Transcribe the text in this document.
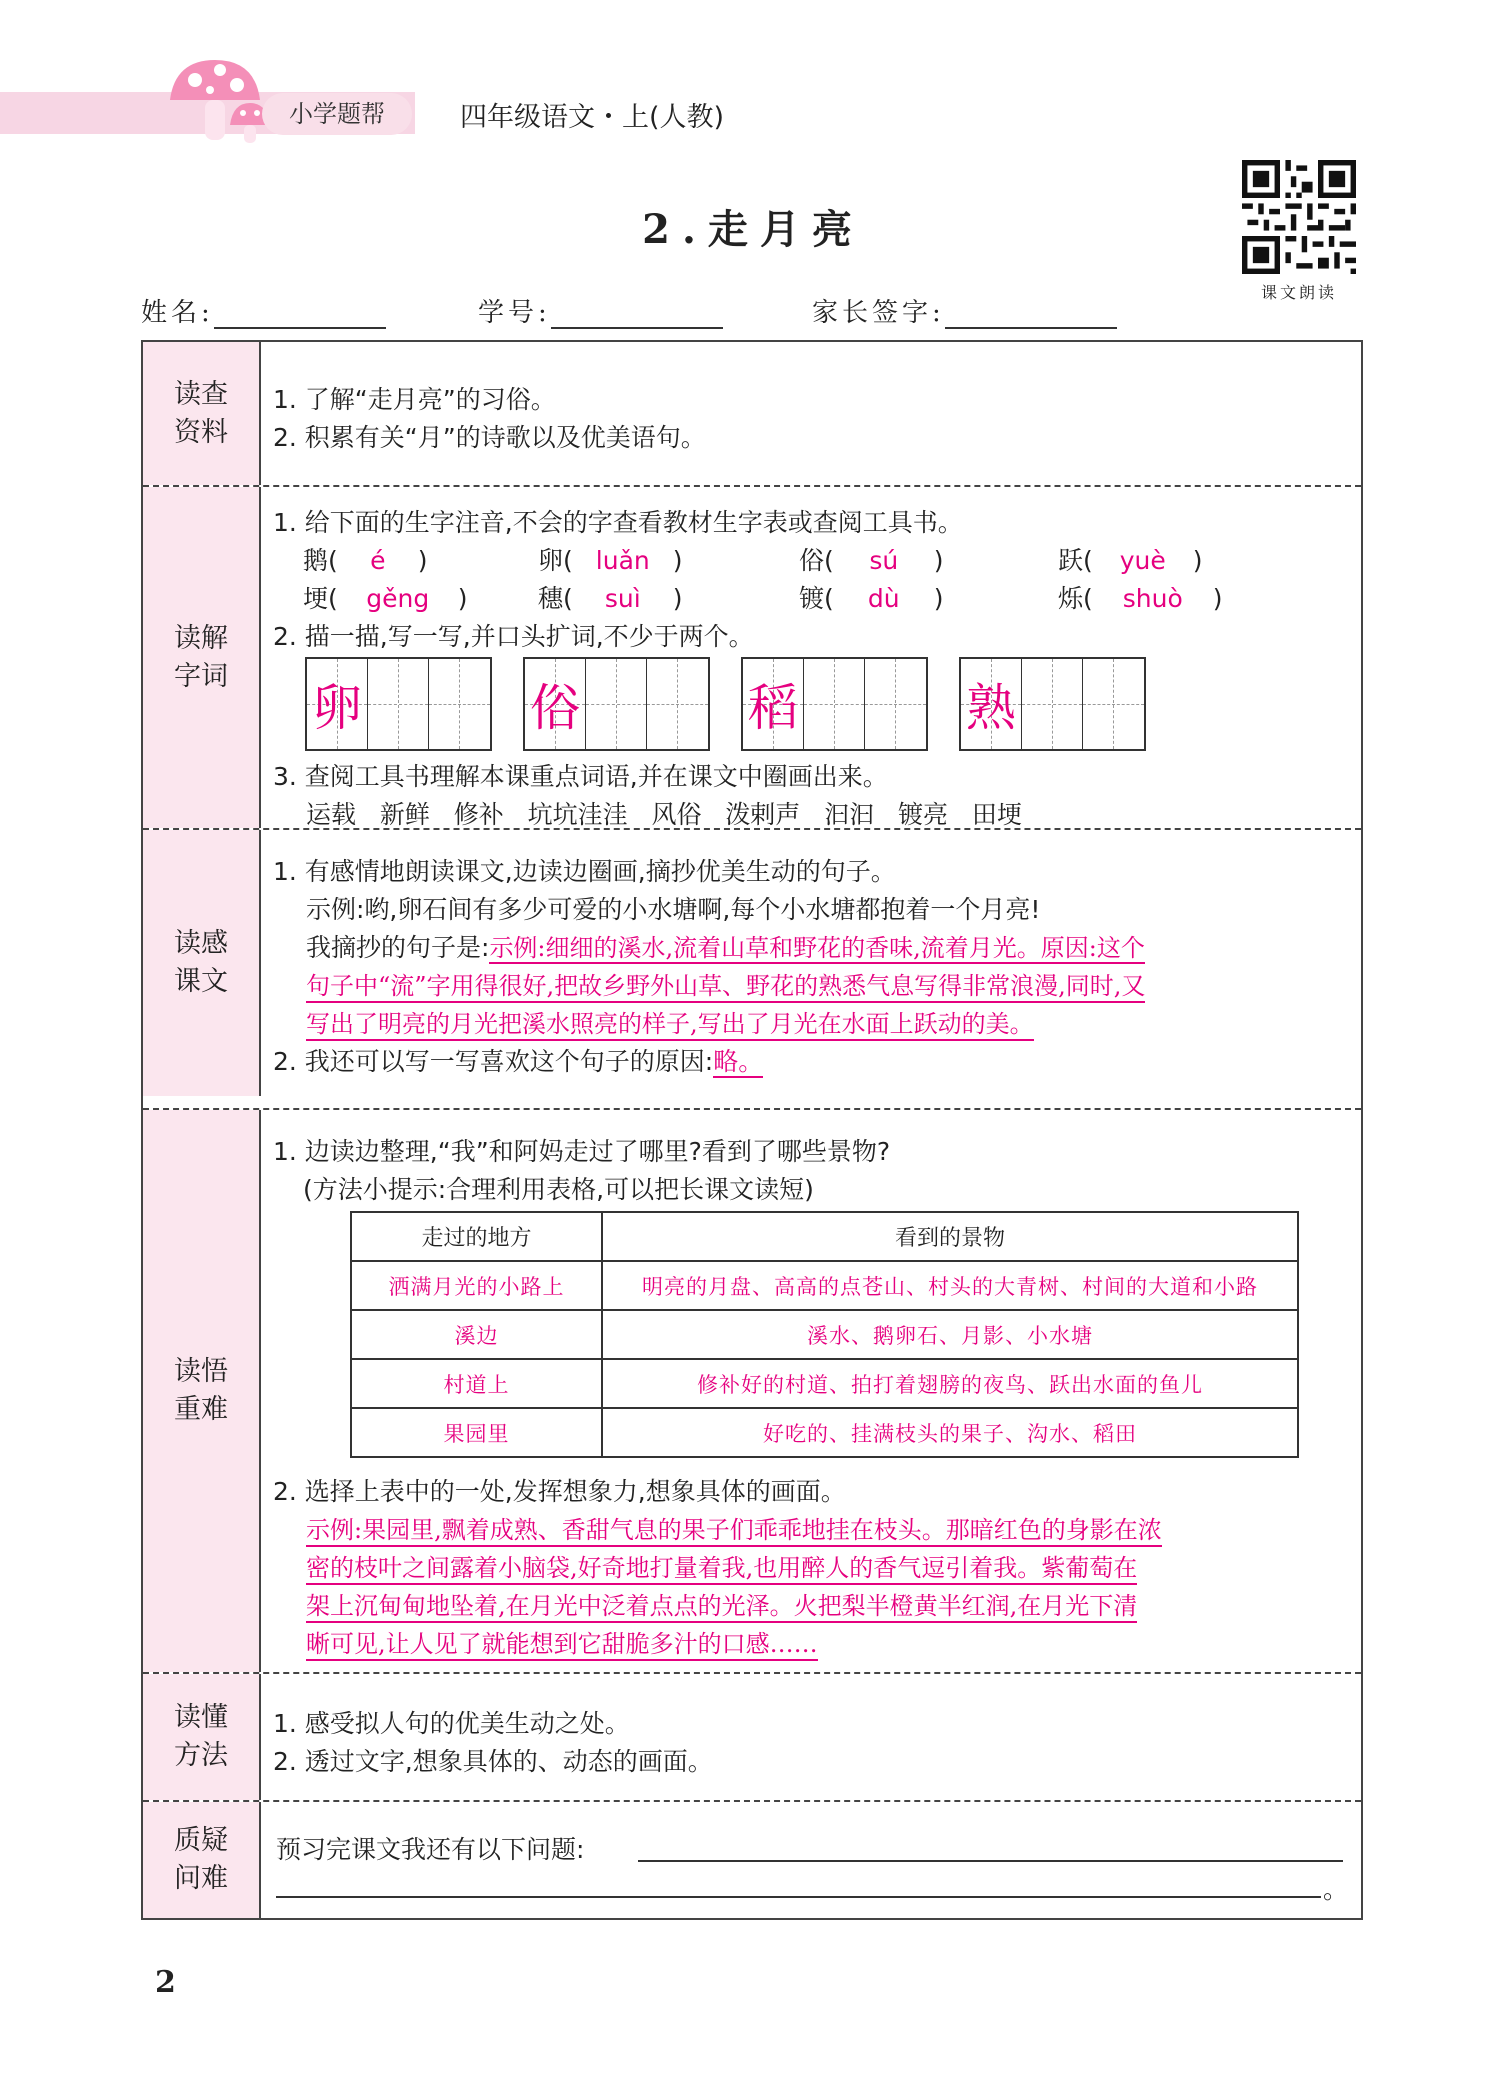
小学题帮	四年级语文・上(人教)
2.走月亮
课文朗读
姓名:	学号:	家长签字:
读查
资料
1. 了解“走月亮”的习俗。
2. 积累有关“月”的诗歌以及优美语句。
读解
字词
1. 给下面的生字注音,不会的字查看教材生字表或查阅工具书。
鹅( é )	卵( luǎn )	俗( sú )	跃( yuè )
埂( gěng )	穗( suì )	镀( dù )	烁( shuò )
2. 描一描,写一写,并口头扩词,不少于两个。
卵	俗	稻	熟
3. 查阅工具书理解本课重点词语,并在课文中圈画出来。
运载 新鲜 修补 坑坑洼洼 风俗 泼剌声 汩汩 镀亮 田埂
读感
课文
1. 有感情地朗读课文,边读边圈画,摘抄优美生动的句子。
示例:哟,卵石间有多少可爱的小水塘啊,每个小水塘都抱着一个月亮!
我摘抄的句子是:示例:细细的溪水,流着山草和野花的香味,流着月光。原因:这个
句子中“流”字用得很好,把故乡野外山草、野花的熟悉气息写得非常浪漫,同时,又
写出了明亮的月光把溪水照亮的样子,写出了月光在水面上跃动的美。
2. 我还可以写一写喜欢这个句子的原因:略。
读悟
重难
1. 边读边整理,“我”和阿妈走过了哪里?看到了哪些景物?
(方法小提示:合理利用表格,可以把长课文读短)
走过的地方	看到的景物
洒满月光的小路上	明亮的月盘、高高的点苍山、村头的大青树、村间的大道和小路
溪边	溪水、鹅卵石、月影、小水塘
村道上	修补好的村道、拍打着翅膀的夜鸟、跃出水面的鱼儿
果园里	好吃的、挂满枝头的果子、沟水、稻田
2. 选择上表中的一处,发挥想象力,想象具体的画面。
示例:果园里,飘着成熟、香甜气息的果子们乖乖地挂在枝头。那暗红色的身影在浓
密的枝叶之间露着小脑袋,好奇地打量着我,也用醉人的香气逗引着我。紫葡萄在
架上沉甸甸地坠着,在月光中泛着点点的光泽。火把梨半橙黄半红润,在月光下清
晰可见,让人见了就能想到它甜脆多汁的口感……
读懂
方法
1. 感受拟人句的优美生动之处。
2. 透过文字,想象具体的、动态的画面。
质疑
问难
预习完课文我还有以下问题:
。
2
